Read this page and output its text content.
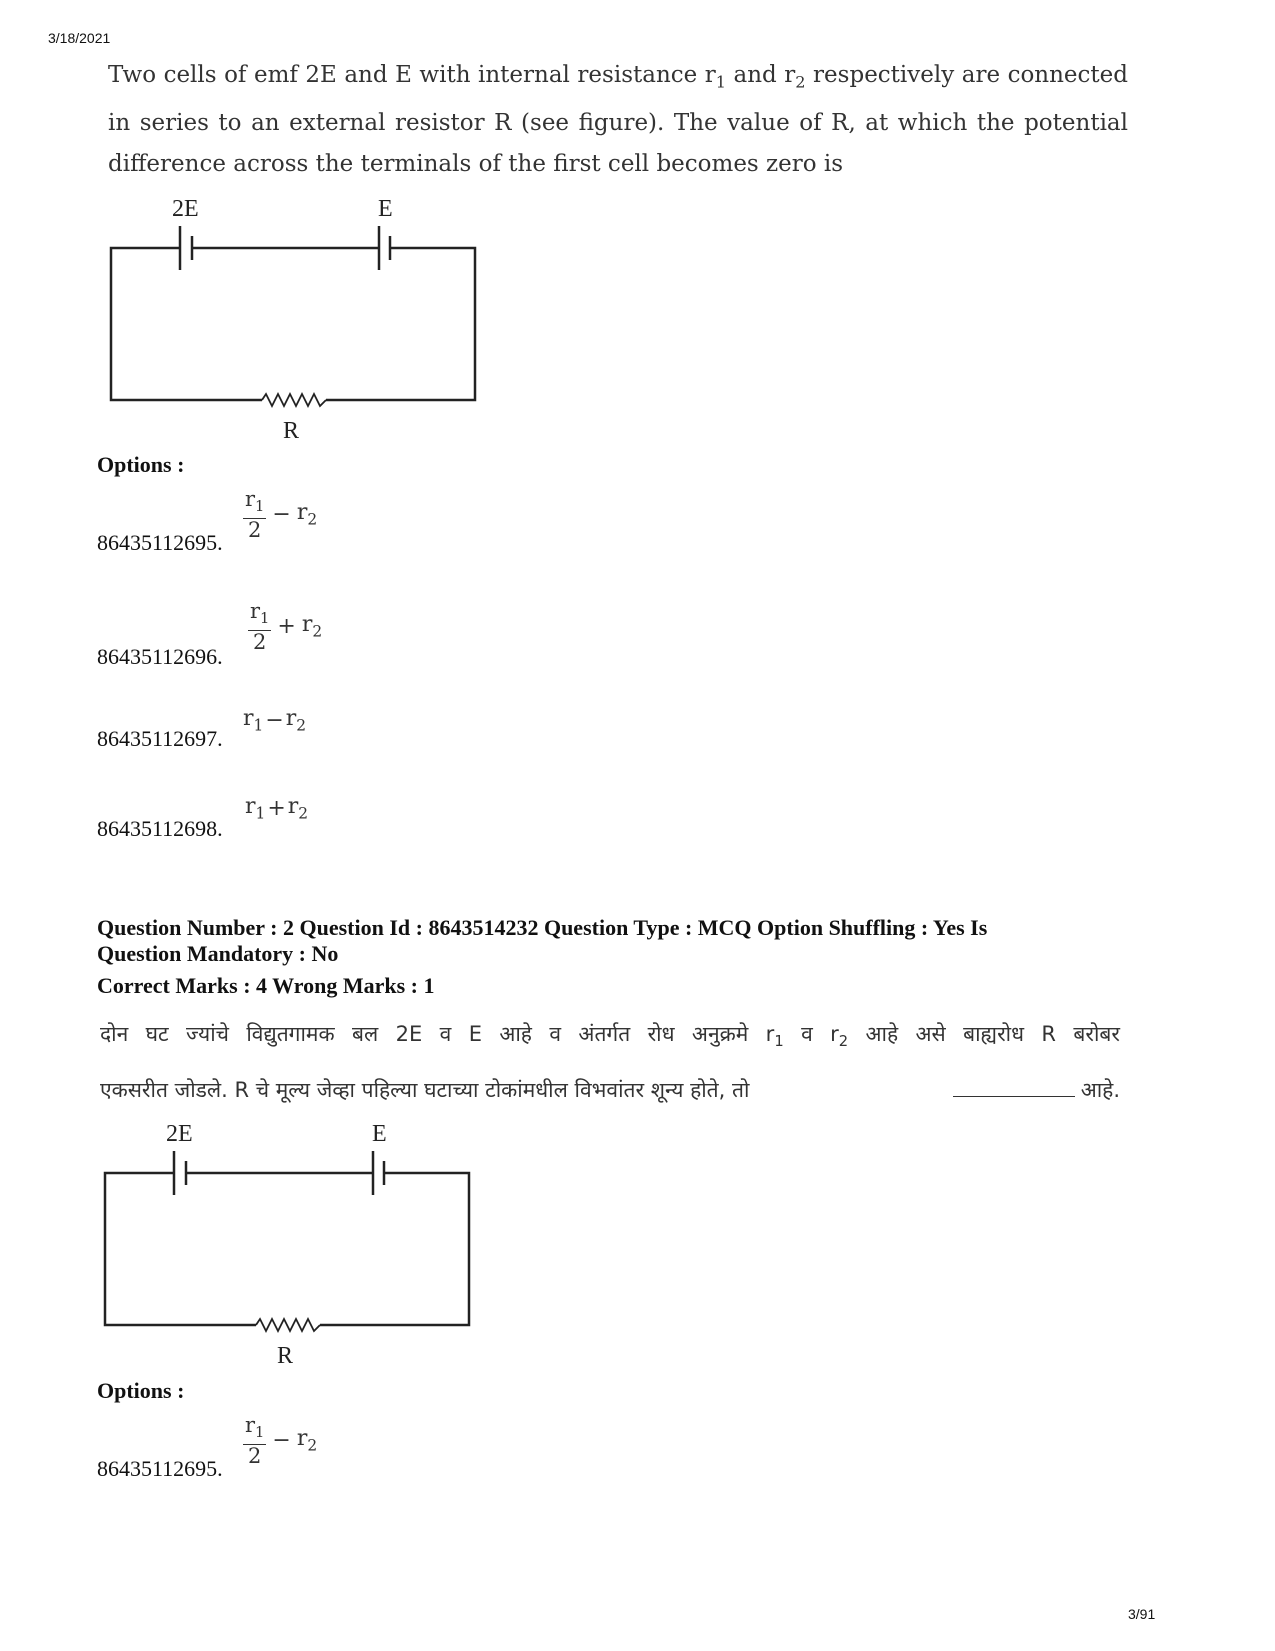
3/18/2021
3/91
Two cells of emf 2E and E with internal resistance $r_1$ and $r_2$ respectively are connected in series to an external resistor R (see figure). The value of R, at which the potential difference across the terminals of the first cell becomes zero is
2E	E
R
Options :
86435112695.
$\frac{r_1}{2} - r_2$
86435112696.
$\frac{r_1}{2} + r_2$
86435112697.
$r_1 - r_2$
86435112698.
$r_1 + r_2$
Question Number : 2 Question Id : 8643514232 Question Type : MCQ Option Shuffling : Yes Is
Question Mandatory : No
Correct Marks : 4 Wrong Marks : 1
दोन घट ज्यांचे विद्युतगामक बल 2E व E आहे व अंतर्गत रोध अनुक्रमे $r_1$ व $r_2$ आहे असे बाह्यरोध R बरोबर
एकसरीत जोडले. R चे मूल्य जेव्हा पहिल्या घटाच्या टोकांमधील विभवांतर शून्य होते, तो	आहे.
2E	E
R
Options :
86435112695.
$\frac{r_1}{2} - r_2$
